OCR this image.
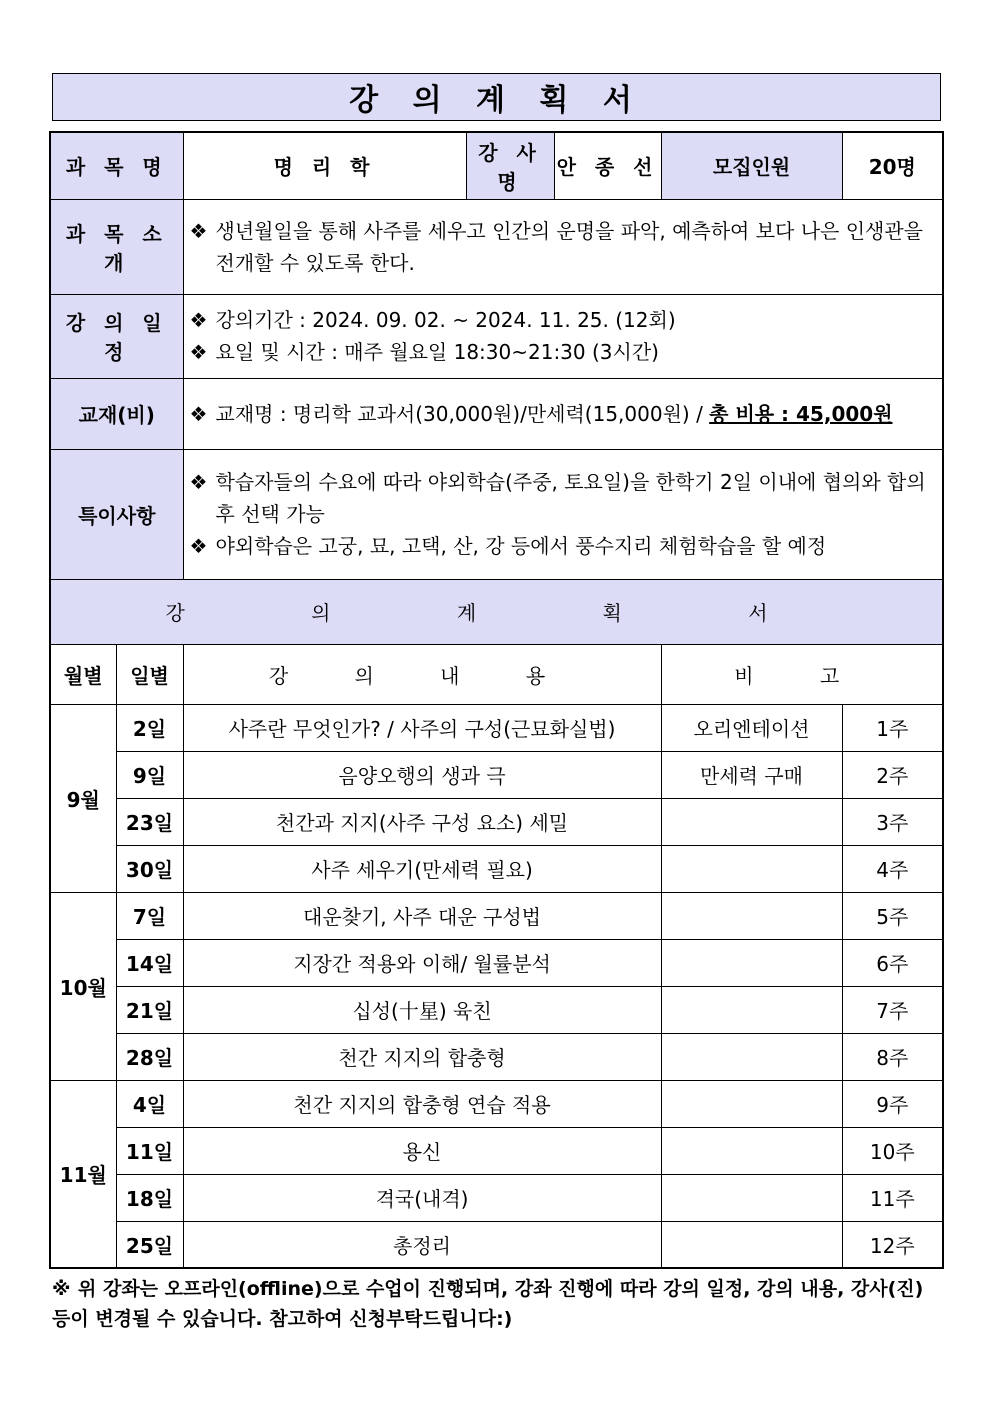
강 의 계 획 서
과 목 명		명 리 학	강 사 명	안 종 선	모집인원	20명
과 목 소 개		❖ 생년월일을 통해 사주를 세우고 인간의 운명을 파악, 예측하여 보다 나은 인생관을 전개할 수 있도록 한다.				

강 의 일 정		❖ 강의기간 : 2024. 09. 02. ~ 2024. 11. 25. (12회)
❖ 요일 및 시간 : 매주 월요일 18:30~21:30 (3시간)				

교재(비)		❖ 교재명 : 명리학 교과서(30,000원)/만세력(15,000원) / 총 비용 : 45,000원				

특이사항		❖ 학습자들의 수요에 따라 야외학습(주중, 토요일)을 한학기 2일 이내에 협의와 합의 후 선택 가능
❖ 야외학습은 고궁, 묘, 고택, 산, 강 등에서 풍수지리 체험학습을 할 예정				

강 의 계 획 서						
월별	일별	강 의 내 용			비 고	
9월	2일	사주란 무엇인가? / 사주의 구성(근묘화실법)			오리엔테이션	1주
	9일	음양오행의 생과 극			만세력 구매	2주
	23일	천간과 지지(사주 구성 요소) 세밀				3주
	30일	사주 세우기(만세력 필요)				4주
10월	7일	대운찾기, 사주 대운 구성법				5주
	14일	지장간 적용와 이해/ 월률분석				6주
	21일	십성(十星) 육친				7주
	28일	천간 지지의 합충형				8주
11월	4일	천간 지지의 합충형 연습 적용				9주
	11일	용신				10주
	18일	격국(내격)				11주
	25일	총정리				12주
※ 위 강좌는 오프라인(offline)으로 수업이 진행되며, 강좌 진행에 따라 강의 일정, 강의 내용, 강사(진) 등이 변경될 수 있습니다. 참고하여 신청부탁드립니다:)
